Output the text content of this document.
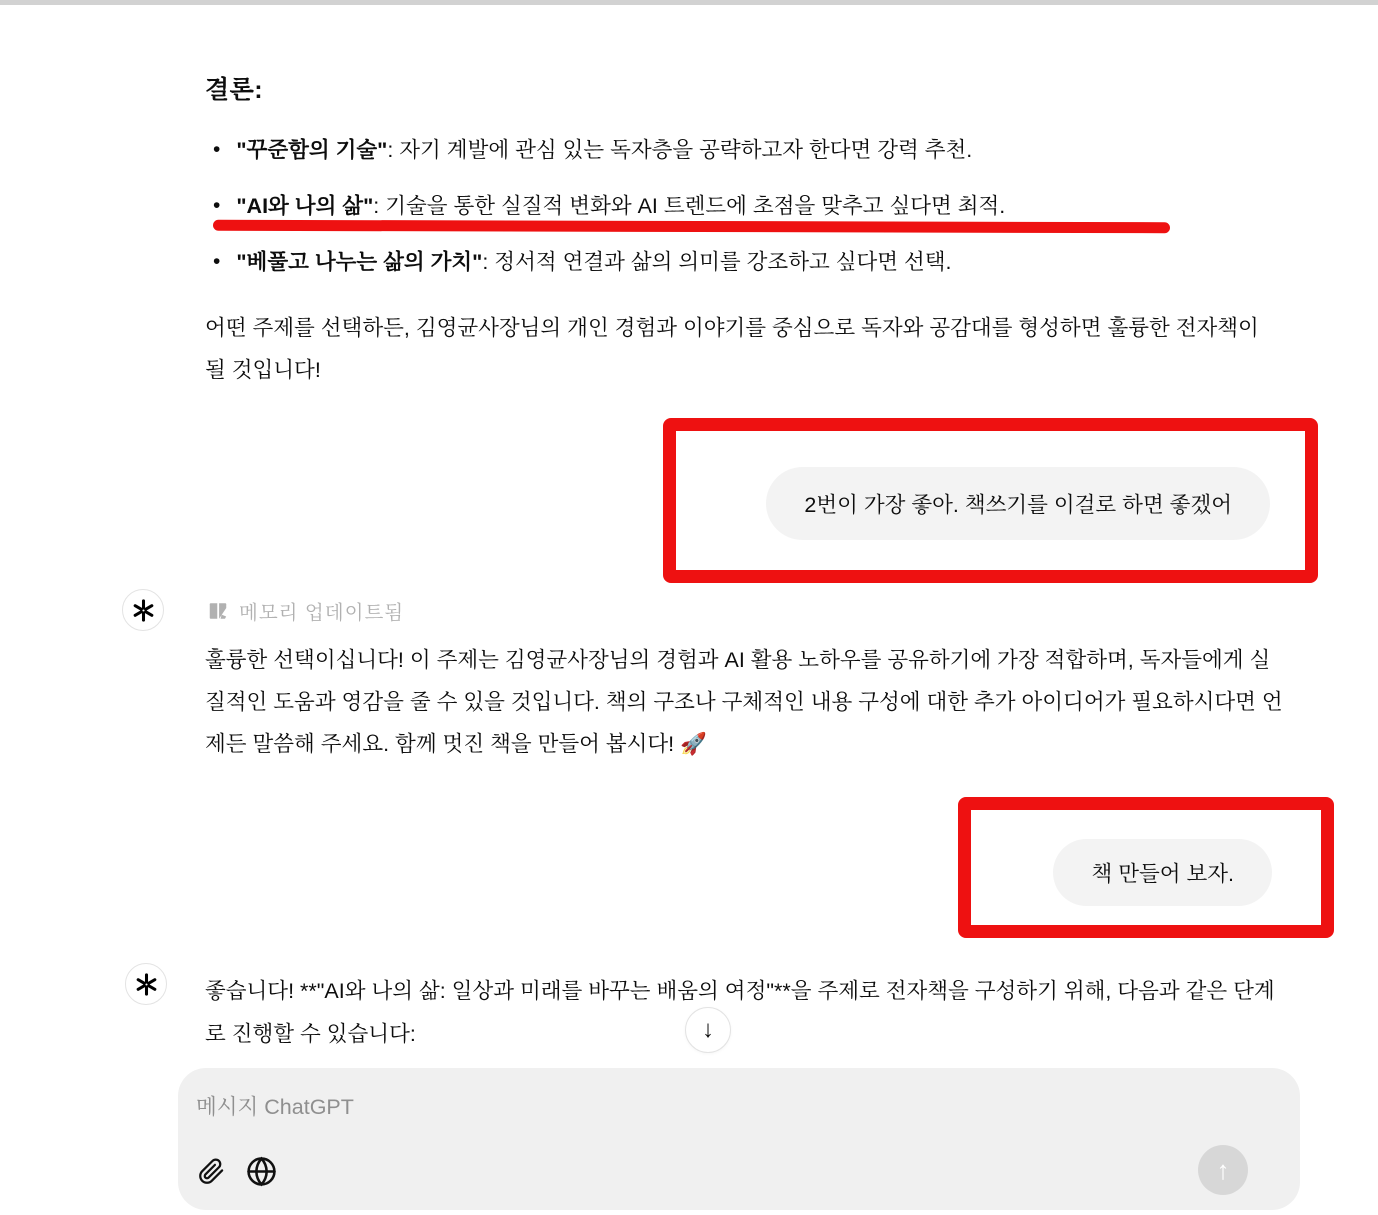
결론:
• "꾸준함의 기술": 자기 계발에 관심 있는 독자층을 공략하고자 한다면 강력 추천.
• "AI와 나의 삶": 기술을 통한 실질적 변화와 AI 트렌드에 초점을 맞추고 싶다면 최적.
• "베풀고 나누는 삶의 가치": 정서적 연결과 삶의 의미를 강조하고 싶다면 선택.
어떤 주제를 선택하든, 김영균사장님의 개인 경험과 이야기를 중심으로 독자와 공감대를 형성하면 훌륭한 전자책이 될 것입니다!
2번이 가장 좋아. 책쓰기를 이걸로 하면 좋겠어
메모리 업데이트됨
훌륭한 선택이십니다! 이 주제는 김영균사장님의 경험과 AI 활용 노하우를 공유하기에 가장 적합하며, 독자들에게 실질적인 도움과 영감을 줄 수 있을 것입니다. 책의 구조나 구체적인 내용 구성에 대한 추가 아이디어가 필요하시다면 언제든 말씀해 주세요. 함께 멋진 책을 만들어 봅시다! 🚀
책 만들어 보자.
좋습니다! **"AI와 나의 삶: 일상과 미래를 바꾸는 배움의 여정"**을 주제로 전자책을 구성하기 위해, 다음과 같은 단계로 진행할 수 있습니다:	↓
메시지 ChatGPT
↑
